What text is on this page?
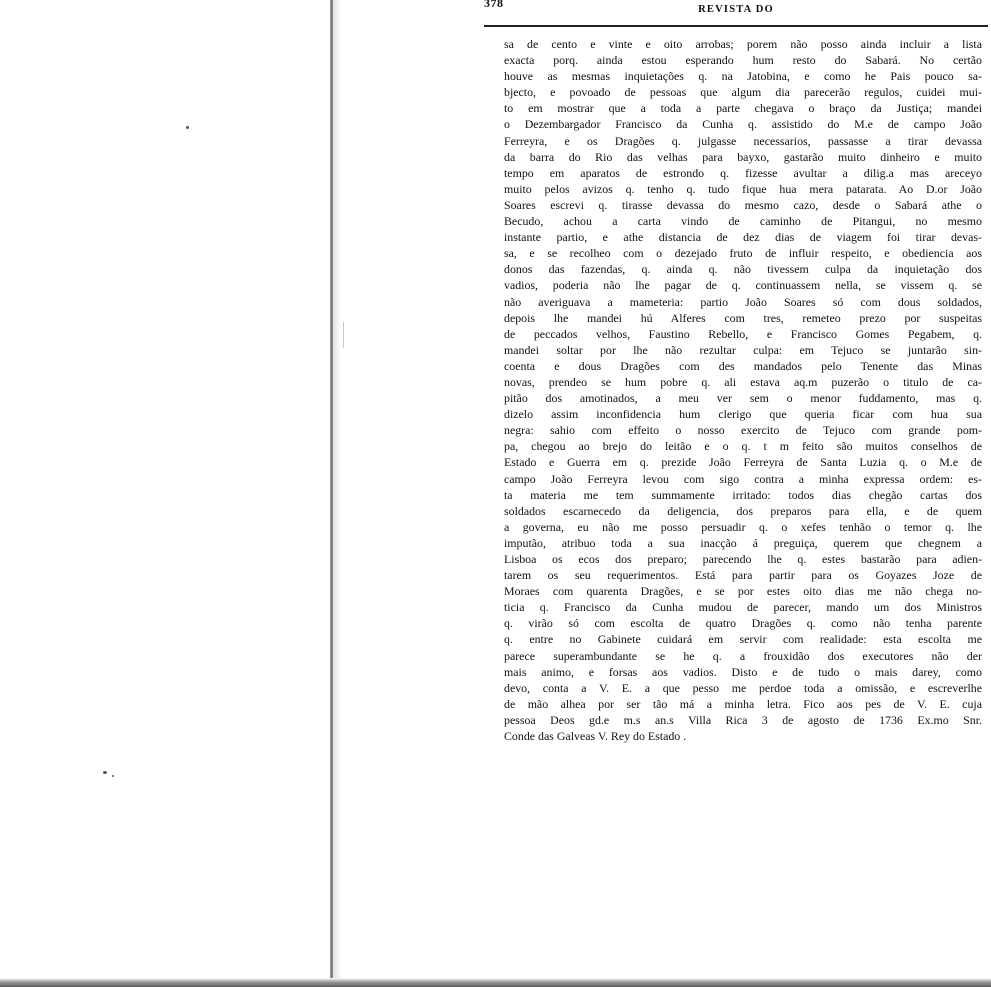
378	REVISTA DO
sa de cento e vinte e oito arrobas; porem não posso ainda incluir a lista
exacta porq. ainda estou esperando hum resto do Sabará. No certão
houve as mesmas inquietações q. na Jatobina, e como he Pais pouco sa-
bjecto, e povoado de pessoas que algum dia parecerão regulos, cuidei mui-
to em mostrar que a toda a parte chegava o braço da Justiça; mandei
o Dezembargador Francisco da Cunha q. assistido do M.e de campo João
Ferreyra, e os Dragões q. julgasse necessarios, passasse a tirar devassa
da barra do Rio das velhas para bayxo, gastarão muito dinheiro e muito
tempo em aparatos de estrondo q. fizesse avultar a dilig.a mas areceyo
muito pelos avizos q. tenho q. tudo fique hua mera patarata. Ao D.or João
Soares escrevi q. tirasse devassa do mesmo cazo, desde o Sabará athe o
Becudo, achou a carta vindo de caminho de Pitangui, no mesmo
instante partio, e athe distancia de dez dias de viagem foi tirar devas-
sa, e se recolheo com o dezejado fruto de influir respeito, e obediencia aos
donos das fazendas, q. ainda q. não tivessem culpa da inquietação dos
vadios, poderia não lhe pagar de q. continuassem nella, se vissem q. se
não averiguava a mameteria: partio João Soares só com dous soldados,
depois lhe mandei hú Alferes com tres, remeteo prezo por suspeitas
de peccados velhos, Faustino Rebello, e Francisco Gomes Pegabem, q.
mandei soltar por lhe não rezultar culpa: em Tejuco se juntarão sin-
coenta e dous Dragões com des mandados pelo Tenente das Minas
novas, prendeo se hum pobre q. ali estava aq.m puzerão o titulo de ca-
pitão dos amotinados, a meu ver sem o menor fuddamento, mas q.
dizelo assim inconfidencia hum clerigo que queria ficar com hua sua
negra: sahio com effeito o nosso exercito de Tejuco com grande pom-
pa, chegou ao brejo do leitão e o q. t m feito são muitos conselhos de
Estado e Guerra em q. prezide João Ferreyra de Santa Luzia q. o M.e de
campo João Ferreyra levou com sigo contra a minha expressa ordem: es-
ta materia me tem summamente irritado: todos dias chegão cartas dos
soldados escarnecedo da deligencia, dos preparos para ella, e de quem
a governa, eu não me posso persuadir q. o xefes tenhão o temor q. lhe
imputão, atribuo toda a sua inacção á preguiça, querem que chegnem a
Lisboa os ecos dos preparo; parecendo lhe q. estes bastarão para adien-
tarem os seu requerimentos. Está para partir para os Goyazes Joze de
Moraes com quarenta Dragões, e se por estes oito dias me não chega no-
ticia q. Francisco da Cunha mudou de parecer, mando um dos Ministros
q. virão só com escolta de quatro Dragões q. como não tenha parente
q. entre no Gabinete cuidará em servir com realidade: esta escolta me
parece superambundante se he q. a frouxidão dos executores não der
mais animo, e forsas aos vadios. Disto e de tudo o mais darey, como
devo, conta a V. E. a que pesso me perdoe toda a omissão, e escreverlhe
de mão alhea por ser tão má a minha letra. Fico aos pes de V. E. cuja
pessoa Deos gd.e m.s an.s Villa Rica 3 de agosto de 1736 Ex.mo Snr.
Conde das Galveas V. Rey do Estado .
